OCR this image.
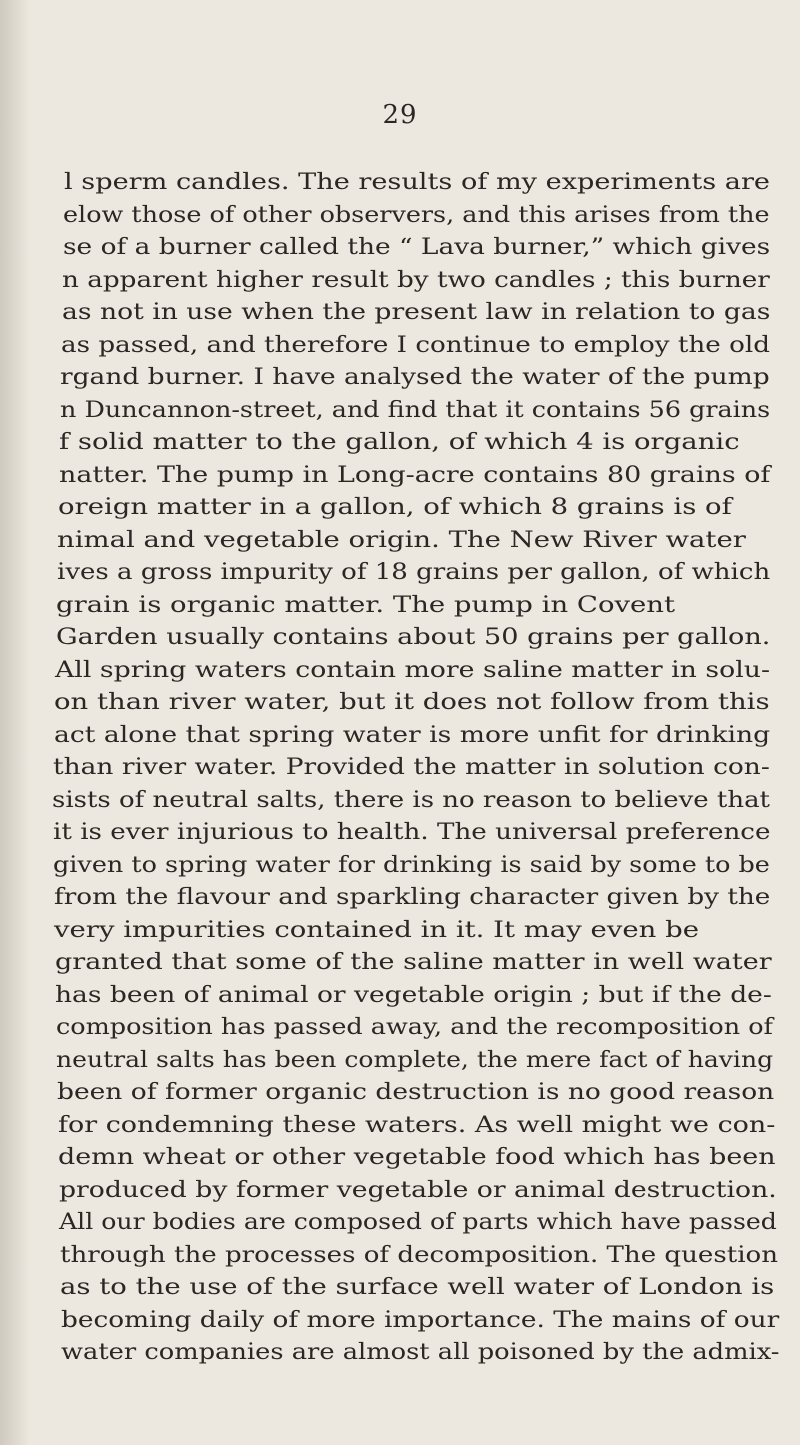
29
l sperm candles. The results of my experiments are
elow those of other observers, and this arises from the
se of a burner called the “ Lava burner,” which gives
n apparent higher result by two candles ; this burner
as not in use when the present law in relation to gas
as passed, and therefore I continue to employ the old
rgand burner. I have analysed the water of the pump
n Duncannon-street, and find that it contains 56 grains
f solid matter to the gallon, of which 4 is organic
natter. The pump in Long-acre contains 80 grains of
oreign matter in a gallon, of which 8 grains is of
nimal and vegetable origin. The New River water
ives a gross impurity of 18 grains per gallon, of which
grain is organic matter. The pump in Covent
Garden usually contains about 50 grains per gallon.
All spring waters contain more saline matter in solu-
on than river water, but it does not follow from this
act alone that spring water is more unfit for drinking
than river water. Provided the matter in solution con-
sists of neutral salts, there is no reason to believe that
it is ever injurious to health. The universal preference
given to spring water for drinking is said by some to be
from the flavour and sparkling character given by the
very impurities contained in it. It may even be
granted that some of the saline matter in well water
has been of animal or vegetable origin ; but if the de-
composition has passed away, and the recomposition of
neutral salts has been complete, the mere fact of having
been of former organic destruction is no good reason
for condemning these waters. As well might we con-
demn wheat or other vegetable food which has been
produced by former vegetable or animal destruction.
All our bodies are composed of parts which have passed
through the processes of decomposition. The question
as to the use of the surface well water of London is
becoming daily of more importance. The mains of our
water companies are almost all poisoned by the admix-
